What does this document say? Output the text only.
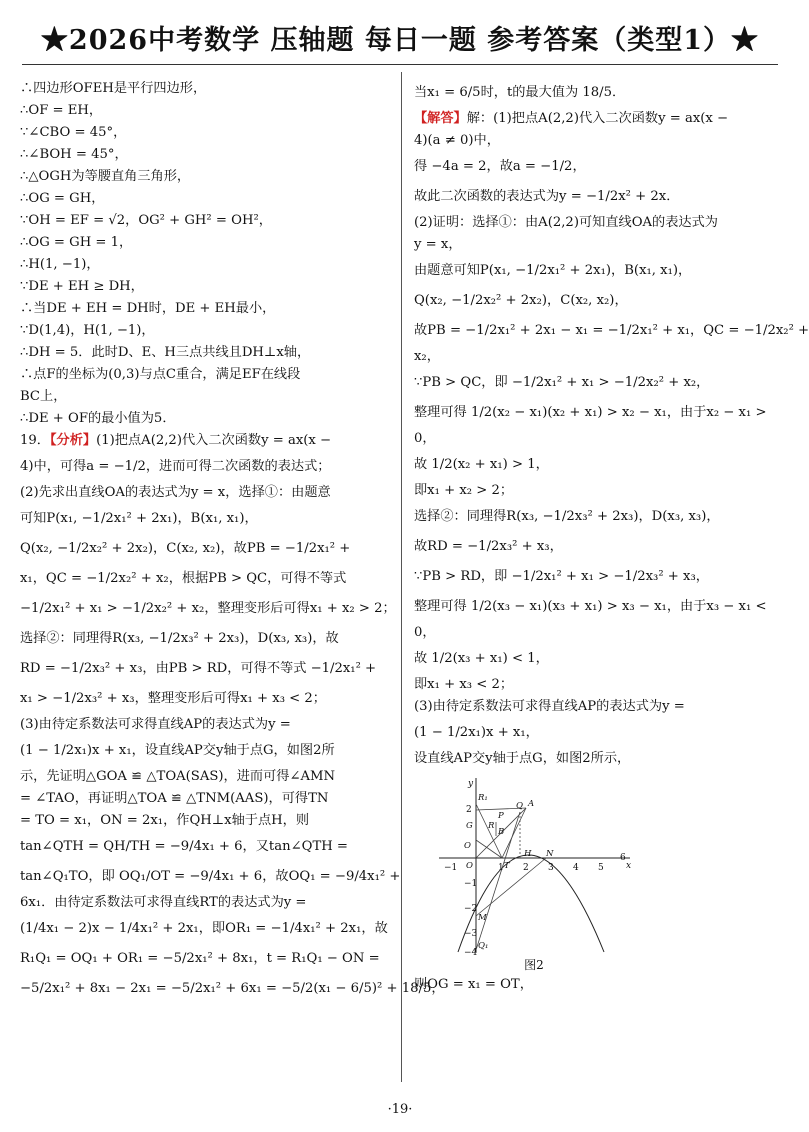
★2026中考数学 压轴题 每日一题 参考答案（类型1）★
∴四边形OFEH是平行四边形，
∴OF = EH，
∵∠CBO = 45°，
∴∠BOH = 45°，
∴△OGH为等腰直角三角形，
∴OG = GH，
∵OH = EF = √2，OG² + GH² = OH²，
∴OG = GH = 1，
∴H(1, −1)，
∵DE + EH ≥ DH，
∴当DE + EH = DH时，DE + EH最小，
∵D(1,4)，H(1, −1)，
∴DH = 5．此时D、E、H三点共线且DH⊥x轴，
∴点F的坐标为(0,3)与点C重合，满足EF在线段
BC上，
∴DE + OF的最小值为5．
19．【分析】(1)把点A(2,2)代入二次函数y = ax(x −
4)中，可得a = −1/2，进而可得二次函数的表达式；
(2)先求出直线OA的表达式为y = x，选择①：由题意
可知P(x₁, −1/2x₁² + 2x₁)，B(x₁, x₁)，
Q(x₂, −1/2x₂² + 2x₂)，C(x₂, x₂)，故PB = −1/2x₁² +
x₁，QC = −1/2x₂² + x₂，根据PB > QC，可得不等式
−1/2x₁² + x₁ > −1/2x₂² + x₂，整理变形后可得x₁ + x₂ > 2；
选择②：同理得R(x₃, −1/2x₃² + 2x₃)，D(x₃, x₃)，故
RD = −1/2x₃² + x₃，由PB > RD，可得不等式 −1/2x₁² +
x₁ > −1/2x₃² + x₃，整理变形后可得x₁ + x₃ < 2；
(3)由待定系数法可求得直线AP的表达式为y =
(1 − 1/2x₁)x + x₁，设直线AP交y轴于点G，如图2所
示，先证明△GOA ≌ △TOA(SAS)，进而可得∠AMN
= ∠TAO，再证明△TOA ≌ △TNM(AAS)，可得TN
= TO = x₁，ON = 2x₁，作QH⊥x轴于点H，则
tan∠QTH = QH/TH = −9/4x₁ + 6，又tan∠QTH =
tan∠Q₁TO，即 OQ₁/OT = −9/4x₁ + 6，故OQ₁ = −9/4x₁² +
6x₁．由待定系数法可求得直线RT的表达式为y =
(1/4x₁ − 2)x − 1/4x₁² + 2x₁，即OR₁ = −1/4x₁² + 2x₁，故
R₁Q₁ = OQ₁ + OR₁ = −5/2x₁² + 8x₁，t = R₁Q₁ − ON =
−5/2x₁² + 8x₁ − 2x₁ = −5/2x₁² + 6x₁ = −5/2(x₁ − 6/5)² + 18/5，
当x₁ = 6/5时，t的最大值为 18/5．
【解答】解：(1)把点A(2,2)代入二次函数y = ax(x −
4)(a ≠ 0)中，
得 −4a = 2，故a = −1/2，
故此二次函数的表达式为y = −1/2x² + 2x．
(2)证明：选择①：由A(2,2)可知直线OA的表达式为
y = x，
由题意可知P(x₁, −1/2x₁² + 2x₁)，B(x₁, x₁)，
Q(x₂, −1/2x₂² + 2x₂)，C(x₂, x₂)，
故PB = −1/2x₁² + 2x₁ − x₁ = −1/2x₁² + x₁，QC = −1/2x₂² +
x₂，
∵PB > QC，即 −1/2x₁² + x₁ > −1/2x₂² + x₂，
整理可得 1/2(x₂ − x₁)(x₂ + x₁) > x₂ − x₁，由于x₂ − x₁ >
0，
故 1/2(x₂ + x₁) > 1，
即x₁ + x₂ > 2；
选择②：同理得R(x₃, −1/2x₃² + 2x₃)，D(x₃, x₃)，
故RD = −1/2x₃² + x₃，
∵PB > RD，即 −1/2x₁² + x₁ > −1/2x₃² + x₃，
整理可得 1/2(x₃ − x₁)(x₃ + x₁) > x₃ − x₁，由于x₃ − x₁ <
0，
故 1/2(x₃ + x₁) < 1，
即x₁ + x₃ < 2；
(3)由待定系数法可求得直线AP的表达式为y =
(1 − 1/2x₁)x + x₁，
设直线AP交y轴于点G，如图2所示，
−1	1 2 3 4 5
6
x
2
−1
−2
−3
−4
y
A
Q
P
B
R
R₁
G
O
O	T
N
H
M
Q₁
图2
则OG = x₁ = OT，
·19·
